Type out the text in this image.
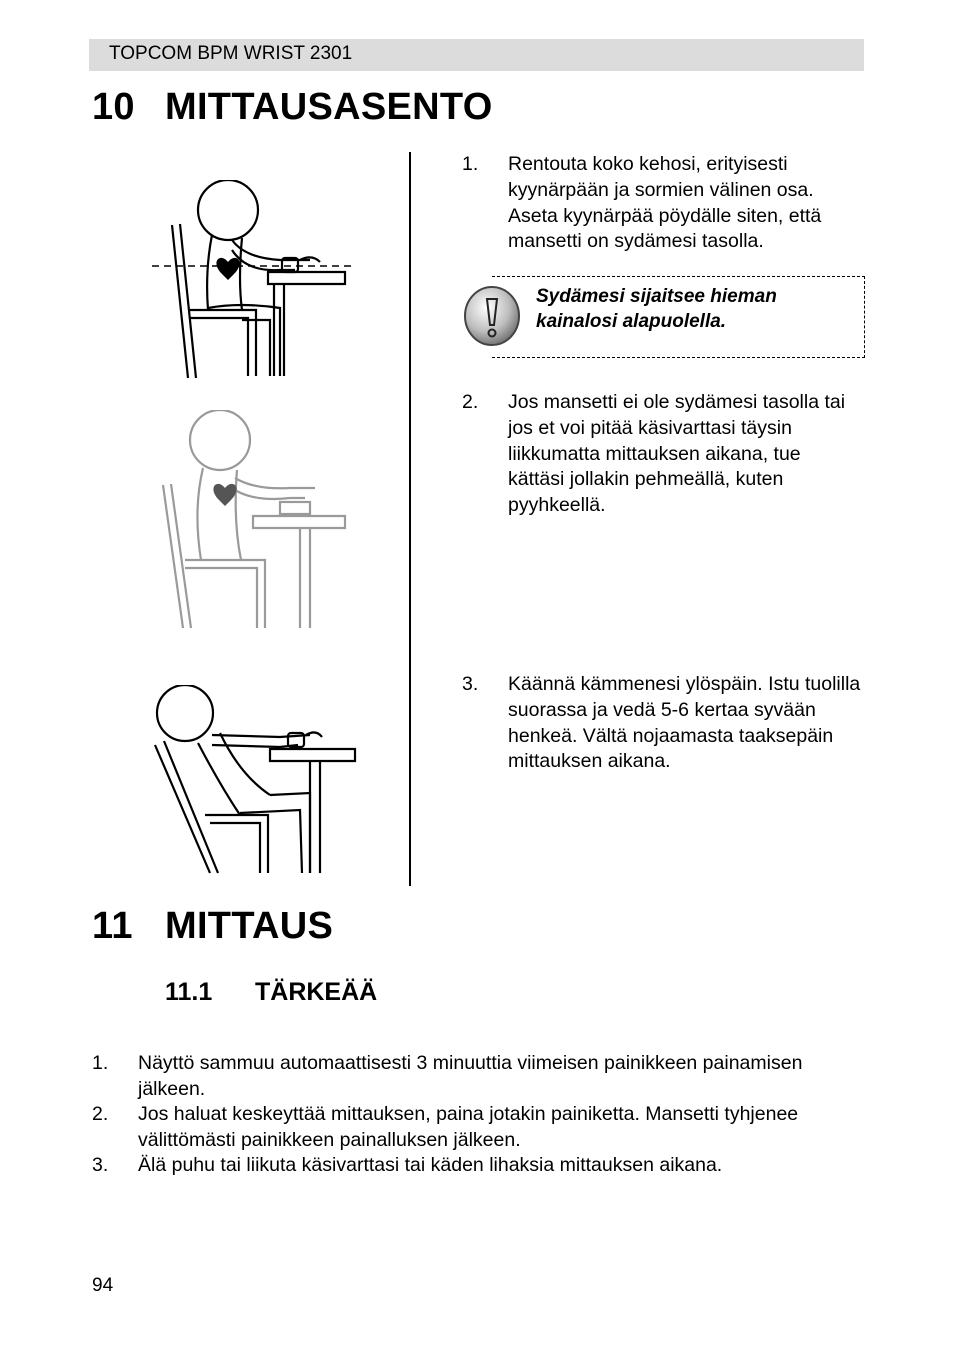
TOPCOM BPM WRIST 2301
10 MITTAUSASENTO
1. Rentouta koko kehosi, erityisesti kyynärpään ja sormien välinen osa. Aseta kyynärpää pöydälle siten, että mansetti on sydämesi tasolla.
Sydämesi sijaitsee hieman kainalosi alapuolella.
2. Jos mansetti ei ole sydämesi tasolla tai jos et voi pitää käsivarttasi täysin liikkumatta mittauksen aikana, tue kättäsi jollakin pehmeällä, kuten pyyhkeellä.
3. Käännä kämmenesi ylöspäin. Istu tuolilla suorassa ja vedä 5-6 kertaa syvään henkeä. Vältä nojaamasta taaksepäin mittauksen aikana.
11 MITTAUS
11.1 TÄRKEÄÄ
1. Näyttö sammuu automaattisesti 3 minuuttia viimeisen painikkeen painamisen jälkeen.
2. Jos haluat keskeyttää mittauksen, paina jotakin painiketta. Mansetti tyhjenee välittömästi painikkeen painalluksen jälkeen.
3. Älä puhu tai liikuta käsivarttasi tai käden lihaksia mittauksen aikana.
94
